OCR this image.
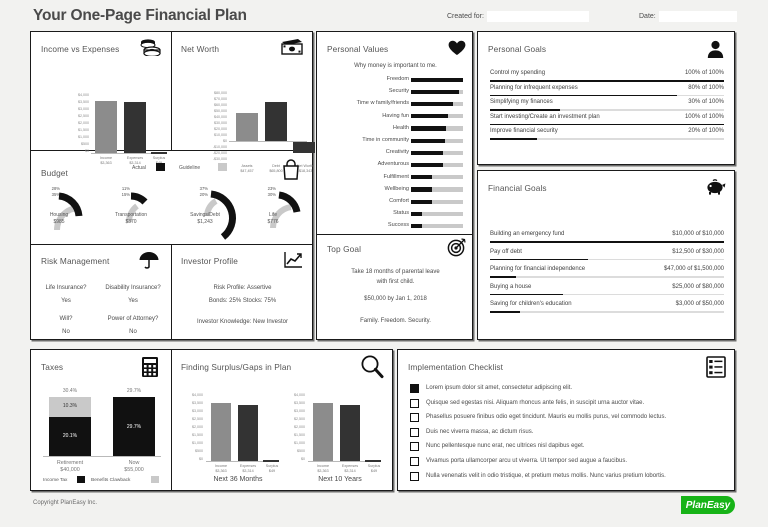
Your One-Page Financial Plan	Created for:	Date:
Income vs Expenses
$4,000
$3,500
$3,000
$2,500
$2,000
$1,500
$1,000
$500
$0
Income
$3,363
Expenses
$3,314
Surplus

Net Worth
$80,000
$70,000
$60,000
$50,000
$40,000
$30,000
$20,000
$10,000
$0
-$10,000
-$20,000
-$30,000
Assets
$47,457
Debt
$65,800
Net Worth
-$18,343
Budget	Actual	Guideline
28%
35%
Housing
$985
11%
15%
Transportation
$370
37%
20%
Savings/Debt
$1,243
23%
30%
Life
$776
Risk Management
Life Insurance?
Yes
Disability Insurance?
Yes
Will?
No
Power of Attorney?
No
Investor Profile
Risk Profile: Assertive
Bonds: 25% Stocks: 75%
Investor Knowledge: New Investor
Personal Values
Why money is important to me.
Freedom
Security
Time w family/friends
Having fun
Health
Time in community
Creativity
Adventurous
Fulfillment
Wellbeing
Comfort
Status
Success
Top Goal
Take 18 months of parental leave
with first child.
$50,000 by Jan 1, 2018
Family. Freedom. Security.
Personal Goals
Control my spending	100% of 100%
Planning for infrequent expenses	80% of 100%
Simplifying my finances	30% of 100%
Start investing/Create an investment plan	100% of 100%
Improve financial security	20% of 100%
Financial Goals
Building an emergency fund	$10,000 of $10,000
Pay off debt	$12,500 of $30,000
Planning for financial independence	$47,000 of $1,500,000
Buying a house	$25,000 of $80,000
Saving for children's education	$3,000 of $50,000
Taxes
30.4%
10.3%
20.1%
Retirement
$40,000
29.7%
29.7%
Now
$55,000
Income Tax	Benefits Clawback
Finding Surplus/Gaps in Plan
$4,000
$3,500
$3,000
$2,500
$2,000
$1,500
$1,000
$500
$0
Income
$3,363
Expenses
$3,314
Surplus
$49
Next 36 Months
$4,000
$3,500
$3,000
$2,500
$2,000
$1,500
$1,000
$500
$0
Income
$3,363
Expenses
$3,314
Surplus
$49
Next 10 Years
Implementation Checklist
Lorem ipsum dolor sit amet, consectetur adipiscing elit.
Quisque sed egestas nisi. Aliquam rhoncus ante felis, in suscipit urna auctor vitae.
Phasellus posuere finibus odio eget tincidunt. Mauris eu mollis purus, vel commodo lectus.
Duis nec viverra massa, ac dictum risus.
Nunc pellentesque nunc erat, nec ultrices nisl dapibus eget.
Vivamus porta ullamcorper arcu ut viverra. Ut tempor sed augue a faucibus.
Nulla venenatis velit in odio tristique, et pretium metus mollis. Nunc varius pretium lobortis.
Copyright PlanEasy Inc.	PlanEasy
